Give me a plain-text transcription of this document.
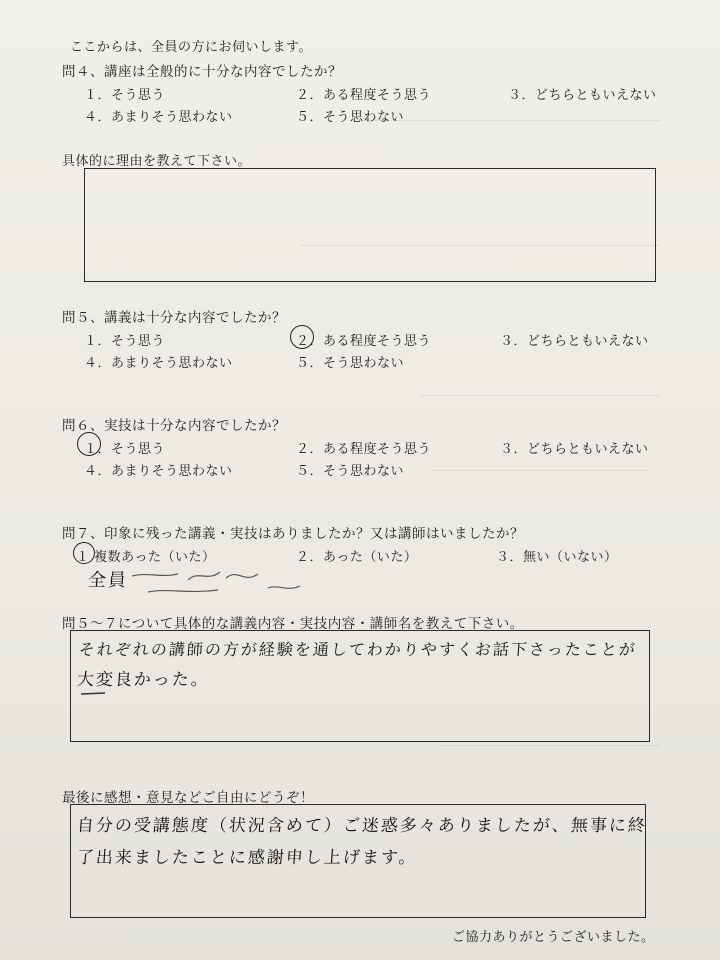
ここからは、全員の方にお伺いします。
問４、講座は全般的に十分な内容でしたか？
１．そう思う	２．ある程度そう思う	３．どちらともいえない
４．あまりそう思わない	５．そう思わない
具体的に理由を教えて下さい。
問５、講義は十分な内容でしたか？
１．そう思う	２．ある程度そう思う	３．どちらともいえない
４．あまりそう思わない	５．そう思わない
問６、実技は十分な内容でしたか？
１．そう思う	２．ある程度そう思う	３．どちらともいえない
４．あまりそう思わない	５．そう思わない
問７、印象に残った講義・実技はありましたか？又は講師はいましたか？
１ 複数あった（いた）	２．あった（いた）	３．無い（いない）
全員
問５〜７について具体的な講義内容・実技内容・講師名を教えて下さい。
それぞれの講師の方が経験を通してわかりやすくお話下さったことが
大変良かった。
最後に感想・意見などご自由にどうぞ！
自分の受講態度（状況含めて）ご迷惑多々ありましたが、無事に終
了出来ましたことに感謝申し上げます。
ご協力ありがとうございました。
